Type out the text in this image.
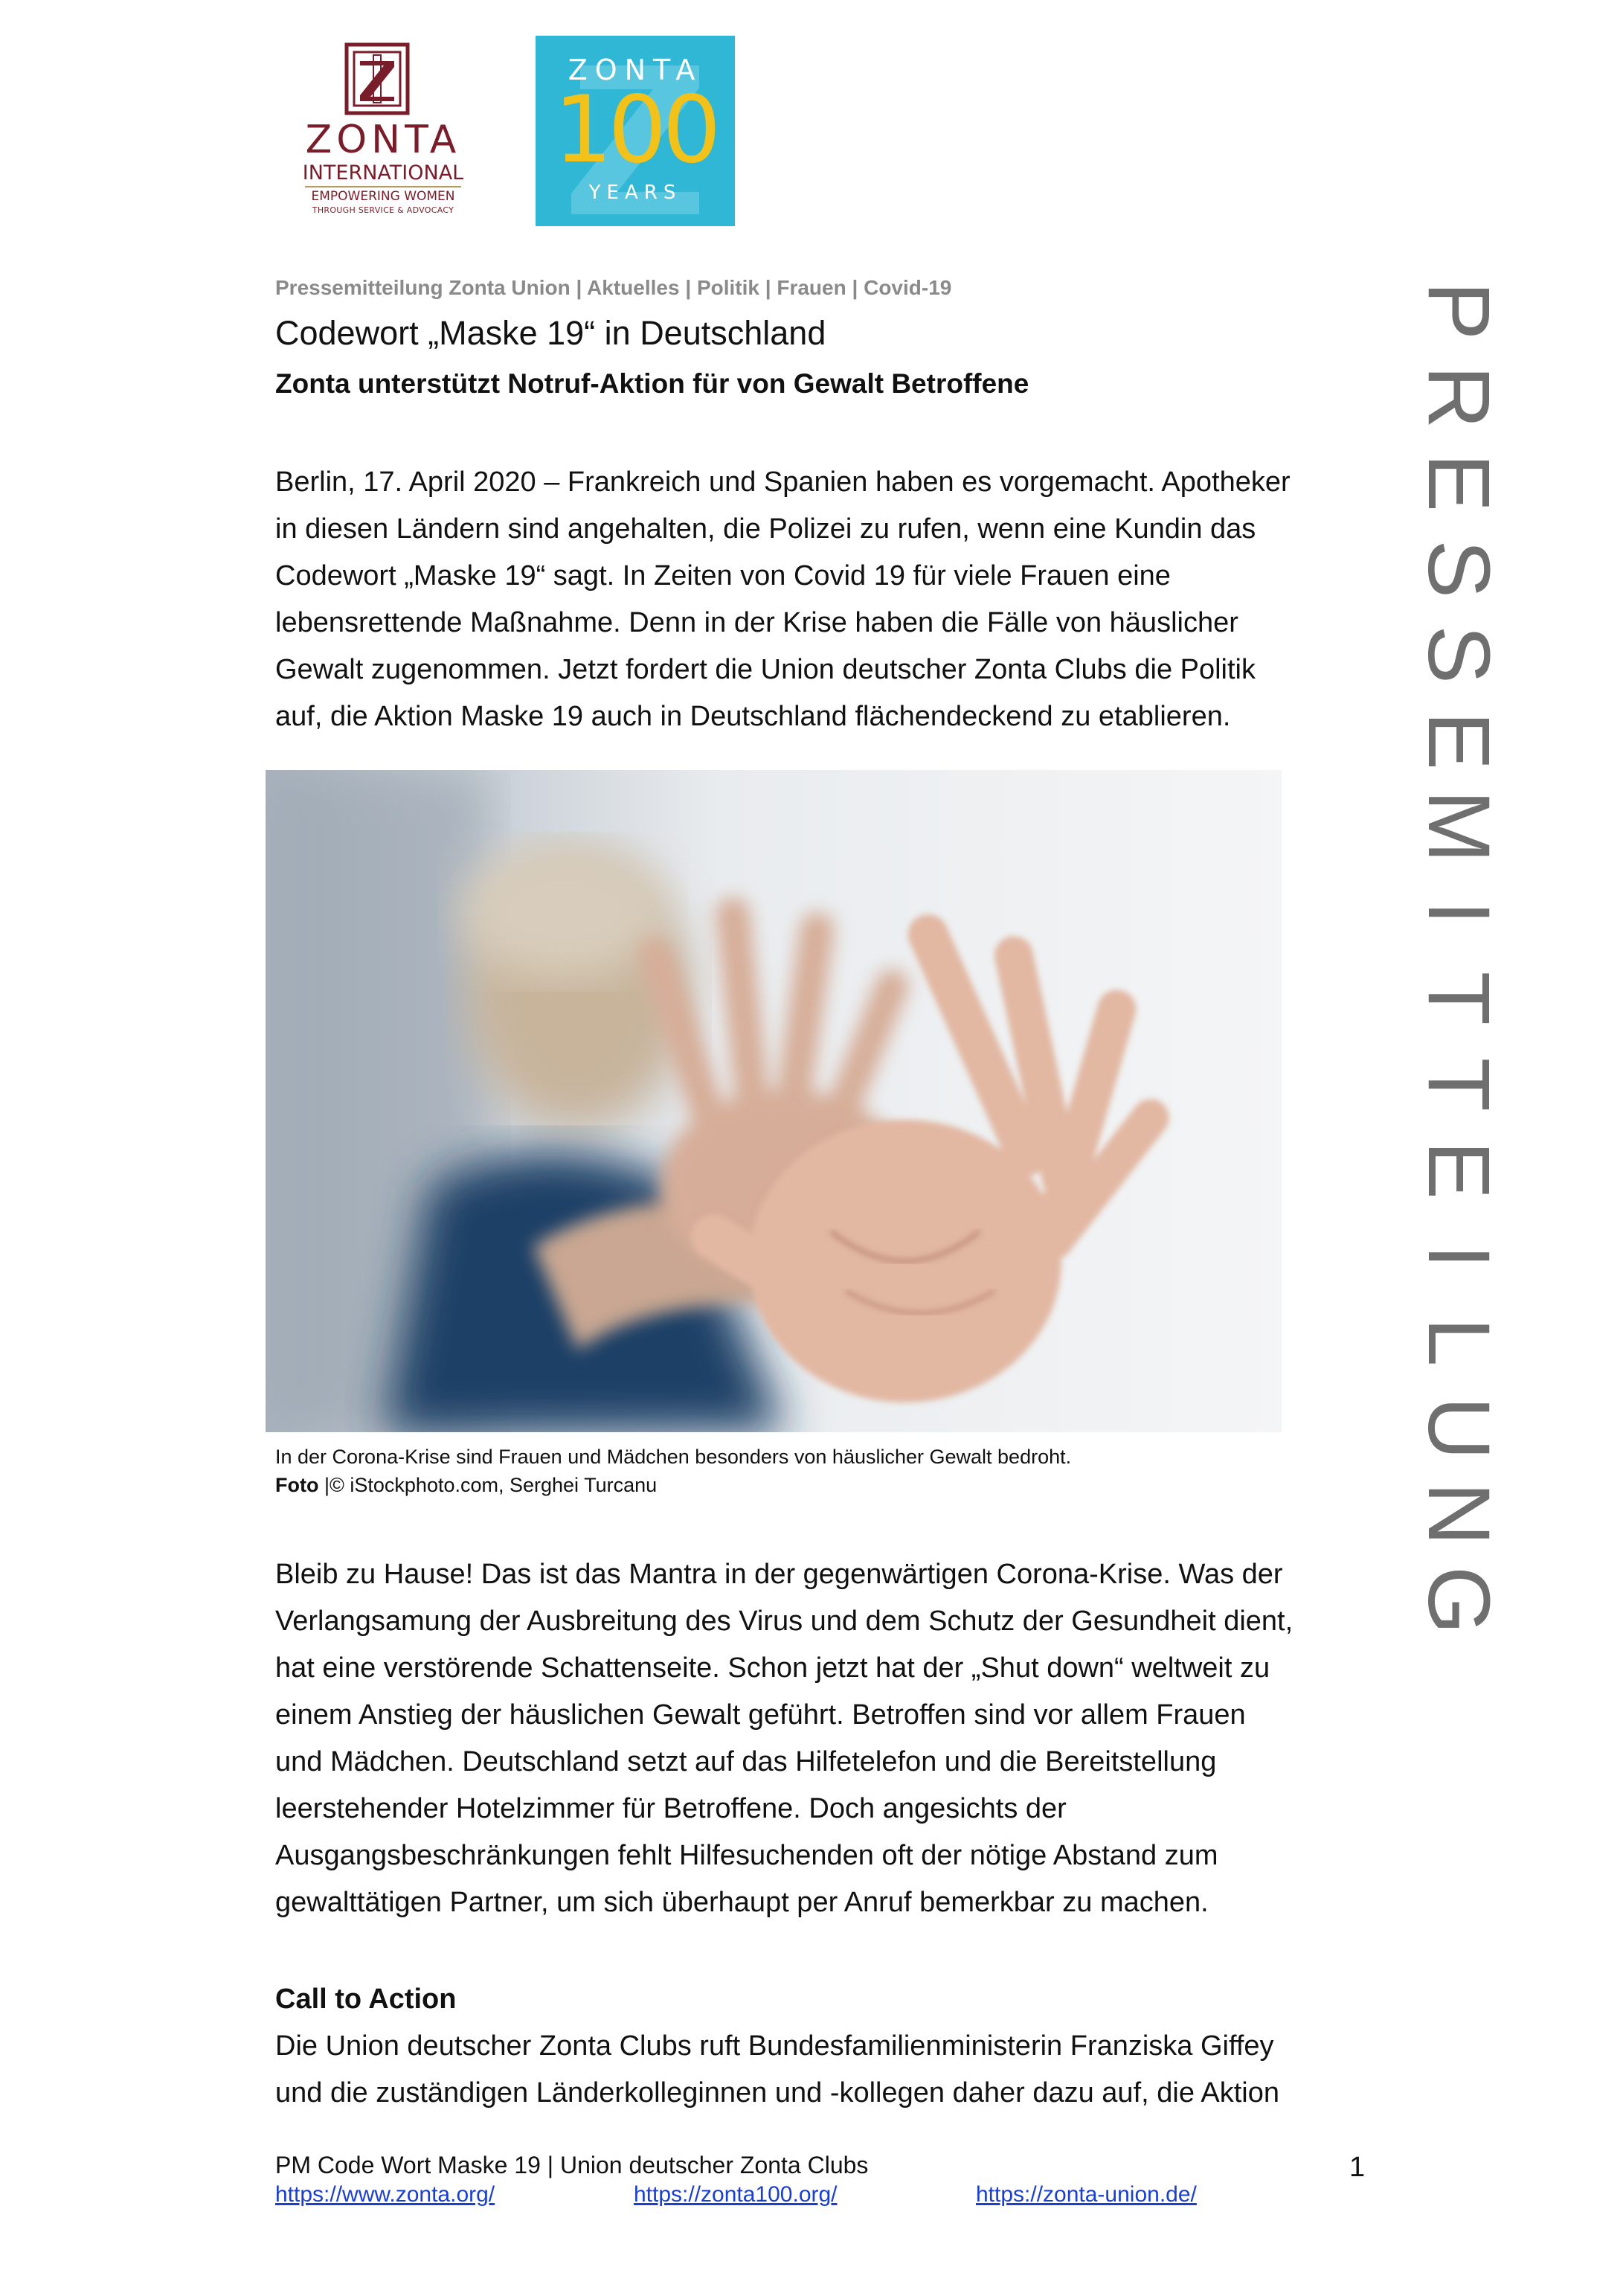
ZONTA
INTERNATIONAL
EMPOWERING WOMEN
THROUGH SERVICE & ADVOCACY
ZONTA
100
YEARS
P
R
E
S
S
E
M
I
T
T
E
I
L
U
N
G
Pressemitteilung Zonta Union | Aktuelles | Politik | Frauen | Covid-19
Codewort „Maske 19“ in Deutschland
Zonta unterstützt Notruf-Aktion für von Gewalt Betroffene

Berlin, 17. April 2020 – Frankreich und Spanien haben es vorgemacht. Apotheker

in diesen Ländern sind angehalten, die Polizei zu rufen, wenn eine Kundin das

Codewort „Maske 19“ sagt. In Zeiten von Covid 19 für viele Frauen eine

lebensrettende Maßnahme. Denn in der Krise haben die Fälle von häuslicher

Gewalt zugenommen. Jetzt fordert die Union deutscher Zonta Clubs die Politik

auf, die Aktion Maske 19 auch in Deutschland flächendeckend zu etablieren.

In der Corona-Krise sind Frauen und Mädchen besonders von häuslicher Gewalt bedroht.
Foto |© iStockphoto.com, Serghei Turcanu

Bleib zu Hause! Das ist das Mantra in der gegenwärtigen Corona-Krise. Was der

Verlangsamung der Ausbreitung des Virus und dem Schutz der Gesundheit dient,

hat eine verstörende Schattenseite. Schon jetzt hat der „Shut down“ weltweit zu

einem Anstieg der häuslichen Gewalt geführt. Betroffen sind vor allem Frauen

und Mädchen. Deutschland setzt auf das Hilfetelefon und die Bereitstellung

leerstehender Hotelzimmer für Betroffene. Doch angesichts der

Ausgangsbeschränkungen fehlt Hilfesuchenden oft der nötige Abstand zum

gewalttätigen Partner, um sich überhaupt per Anruf bemerkbar zu machen.

Call to Action

Die Union deutscher Zonta Clubs ruft Bundesfamilienministerin Franziska Giffey

und die zuständigen Länderkolleginnen und -kollegen daher dazu auf, die Aktion

PM Code Wort Maske 19 | Union deutscher Zonta Clubs	1
https://www.zonta.org/	https://zonta100.org/	https://zonta-union.de/
